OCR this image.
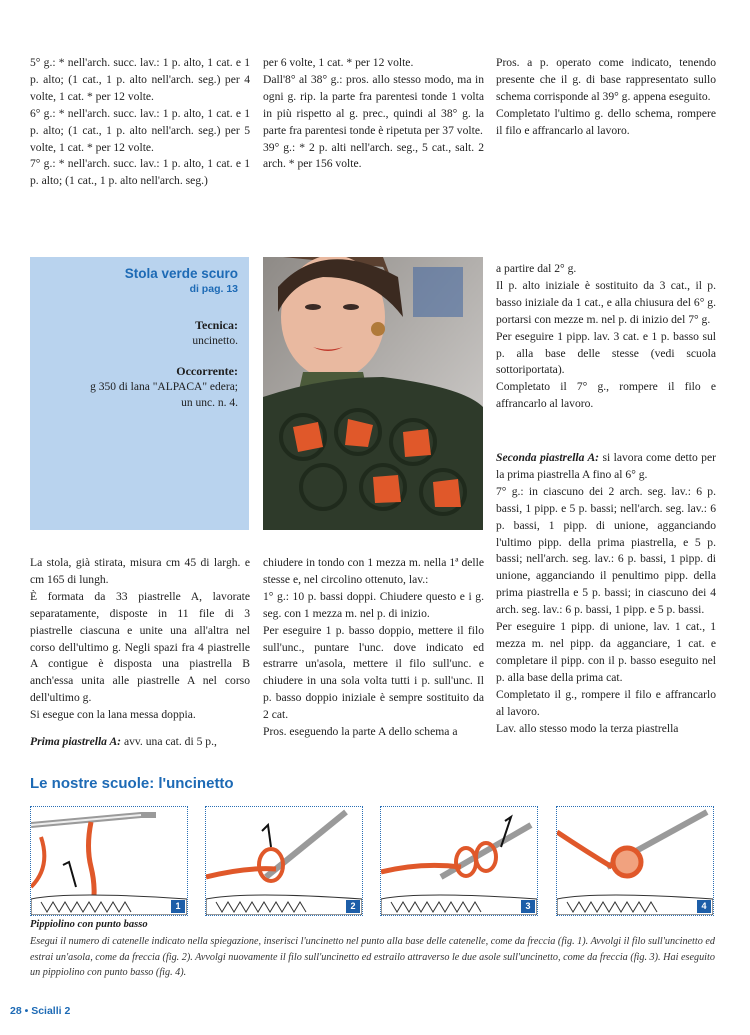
5° g.: * nell'arch. succ. lav.: 1 p. alto, 1 cat. e 1 p. alto; (1 cat., 1 p. alto nell'arch. seg.) per 4 volte, 1 cat. * per 12 volte.

6° g.: * nell'arch. succ. lav.: 1 p. alto, 1 cat. e 1 p. alto; (1 cat., 1 p. alto nell'arch. seg.) per 5 volte, 1 cat. * per 12 volte.

7° g.: * nell'arch. succ. lav.: 1 p. alto, 1 cat. e 1 p. alto; (1 cat., 1 p. alto nell'arch. seg.)

per 6 volte, 1 cat. * per 12 volte.

Dall'8° al 38° g.: pros. allo stesso modo, ma in ogni g. rip. la parte fra parentesi tonde 1 volta in più rispetto al g. prec., quindi al 38° g. la parte fra parentesi tonde è ripetuta per 37 volte.

39° g.: * 2 p. alti nell'arch. seg., 5 cat., salt. 2 arch. * per 156 volte.

Pros. a p. operato come indicato, tenendo presente che il g. di base rappresentato sullo schema corrisponde al 39° g. appena eseguito.

Completato l'ultimo g. dello schema, rompere il filo e affrancarlo al lavoro.

Stola verde scuro
di pag. 13
Tecnica:
uncinetto.
Occorrente:
g 350 di lana "ALPACA" edera;
un unc. n. 4.

a partire dal 2° g.

Il p. alto iniziale è sostituito da 3 cat., il p. basso iniziale da 1 cat., e alla chiusura del 6° g. portarsi con mezze m. nel p. di inizio del 7° g.

Per eseguire 1 pipp. lav. 3 cat. e 1 p. basso sul p. alla base delle stesse (vedi scuola sottoriportata).

Completato il 7° g., rompere il filo e affrancarlo al lavoro.

La stola, già stirata, misura cm 45 di largh. e cm 165 di lungh.

È formata da 33 piastrelle A, lavorate separatamente, disposte in 11 file di 3 piastrelle ciascuna e unite una all'altra nel corso dell'ultimo g. Negli spazi fra 4 piastrelle A contigue è disposta una piastrella B anch'essa unita alle piastrelle A nel corso dell'ultimo g.

Si esegue con la lana messa doppia.

Prima piastrella A: avv. una cat. di 5 p.,

chiudere in tondo con 1 mezza m. nella 1ª delle stesse e, nel circolino ottenuto, lav.:

1° g.: 10 p. bassi doppi. Chiudere questo e i g. seg. con 1 mezza m. nel p. di inizio.

Per eseguire 1 p. basso doppio, mettere il filo sull'unc., puntare l'unc. dove indicato ed estrarre un'asola, mettere il filo sull'unc. e chiudere in una sola volta tutti i p. sull'unc. Il p. basso doppio iniziale è sempre sostituito da 2 cat.

Pros. eseguendo la parte A dello schema a

Seconda piastrella A: si lavora come detto per la prima piastrella A fino al 6° g.

7° g.: in ciascuno dei 2 arch. seg. lav.: 6 p. bassi, 1 pipp. e 5 p. bassi; nell'arch. seg. lav.: 6 p. bassi, 1 pipp. di unione, agganciando l'ultimo pipp. della prima piastrella, e 5 p. bassi; nell'arch. seg. lav.: 6 p. bassi, 1 pipp. di unione, agganciando il penultimo pipp. della prima piastrella e 5 p. bassi; in ciascuno dei 4 arch. seg. lav.: 6 p. bassi, 1 pipp. e 5 p. bassi.

Per eseguire 1 pipp. di unione, lav. 1 cat., 1 mezza m. nel pipp. da agganciare, 1 cat. e completare il pipp. con il p. basso eseguito nel p. alla base della prima cat.

Completato il g., rompere il filo e affrancarlo al lavoro.

Lav. allo stesso modo la terza piastrella

Le nostre scuole: l'uncinetto
1	2	3	4
Pippiolino con punto basso
Esegui il numero di catenelle indicato nella spiegazione, inserisci l'uncinetto nel punto alla base delle catenelle, come da freccia (fig. 1). Avvolgi il filo sull'uncinetto ed estrai un'asola, come da freccia (fig. 2). Avvolgi nuovamente il filo sull'uncinetto ed estrailo attraverso le due asole sull'uncinetto, come da freccia (fig. 3). Hai eseguito un pippiolino con punto basso (fig. 4).
28 • Scialli 2
